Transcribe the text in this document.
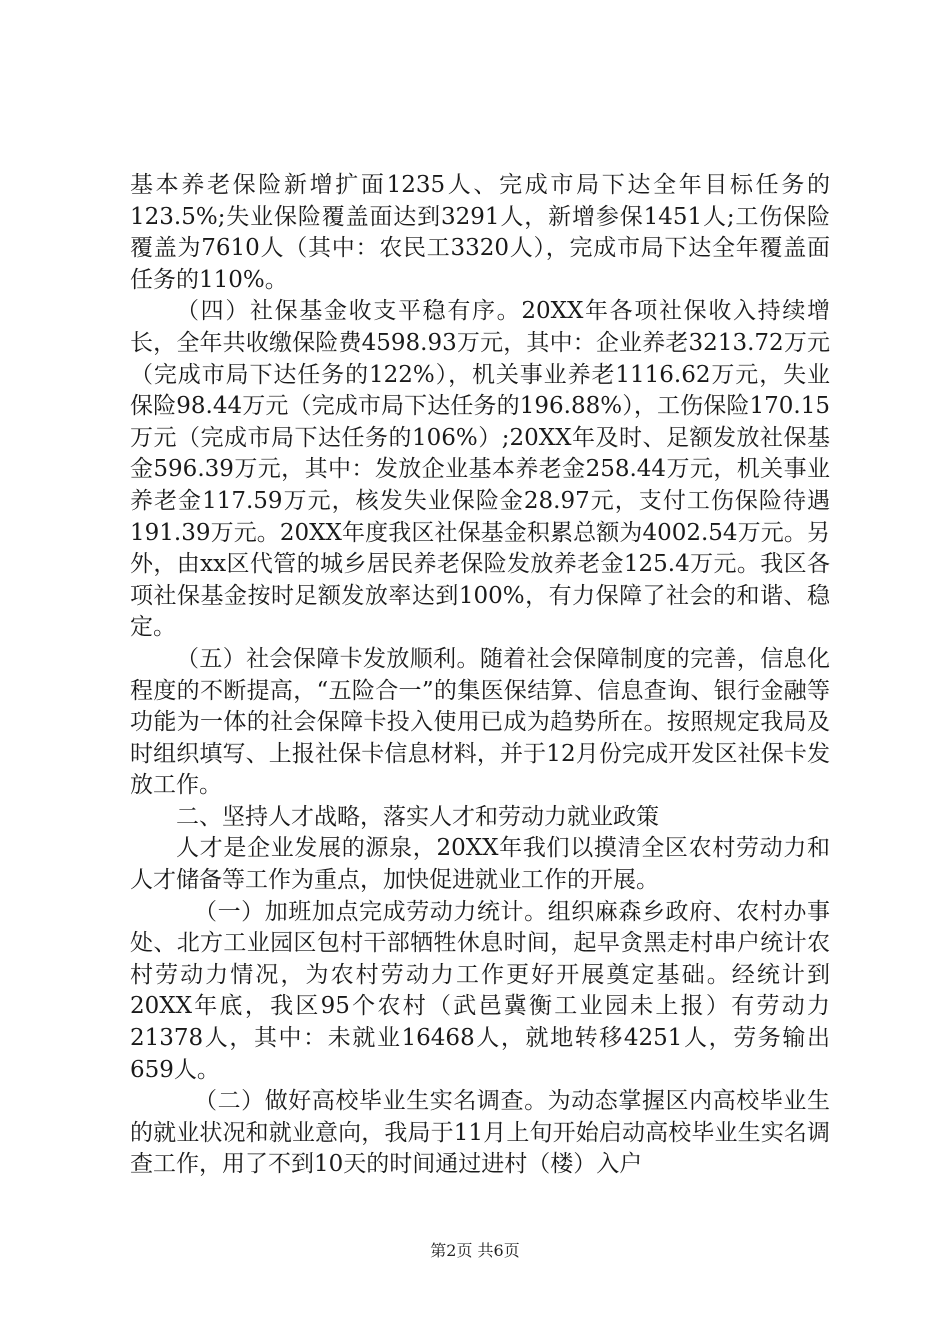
基本养老保险新增扩面1235人、完成市局下达全年目标任务的123.5%;失业保险覆盖面达到3291人，新增参保1451人;工伤保险覆盖为7610人（其中：农民工3320人），完成市局下达全年覆盖面任务的110%。

（四）社保基金收支平稳有序。20XX年各项社保收入持续增长，全年共收缴保险费4598.93万元，其中：企业养老3213.72万元（完成市局下达任务的122%），机关事业养老1116.62万元，失业保险98.44万元（完成市局下达任务的196.88%），工伤保险170.15万元（完成市局下达任务的106%）;20XX年及时、足额发放社保基金596.39万元，其中：发放企业基本养老金258.44万元，机关事业养老金117.59万元，核发失业保险金28.97元，支付工伤保险待遇191.39万元。20XX年度我区社保基金积累总额为4002.54万元。另外，由xx区代管的城乡居民养老保险发放养老金125.4万元。我区各项社保基金按时足额发放率达到100%，有力保障了社会的和谐、稳定。

（五）社会保障卡发放顺利。随着社会保障制度的完善，信息化程度的不断提高，“五险合一”的集医保结算、信息查询、银行金融等功能为一体的社会保障卡投入使用已成为趋势所在。按照规定我局及时组织填写、上报社保卡信息材料，并于12月份完成开发区社保卡发放工作。

二、坚持人才战略，落实人才和劳动力就业政策

人才是企业发展的源泉，20XX年我们以摸清全区农村劳动力和人才储备等工作为重点，加快促进就业工作的开展。

（一）加班加点完成劳动力统计。组织麻森乡政府、农村办事处、北方工业园区包村干部牺牲休息时间，起早贪黑走村串户统计农村劳动力情况，为农村劳动力工作更好开展奠定基础。经统计到20XX年底，我区95个农村（武邑冀衡工业园未上报）有劳动力21378人，其中：未就业16468人，就地转移4251人，劳务输出659人。

（二）做好高校毕业生实名调查。为动态掌握区内高校毕业生的就业状况和就业意向，我局于11月上旬开始启动高校毕业生实名调查工作，用了不到10天的时间通过进村（楼）入户

第2页 共6页
